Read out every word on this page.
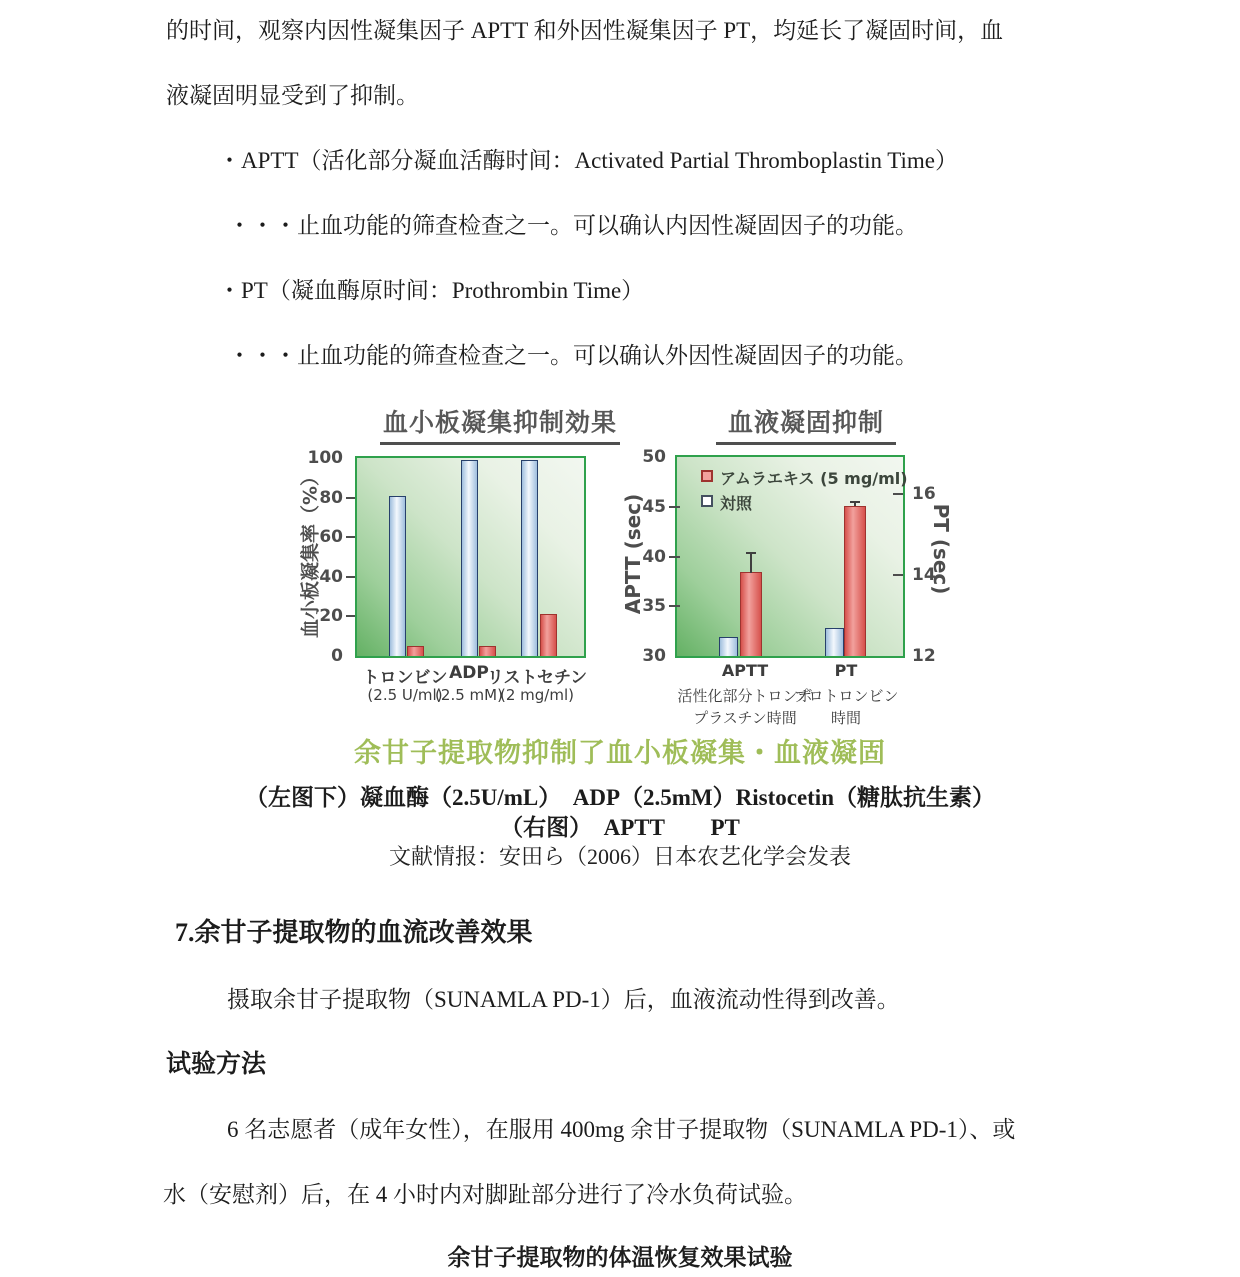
的时间，观察内因性凝集因子 APTT 和外因性凝集因子 PT，均延长了凝固时间，血
液凝固明显受到了抑制。
・APTT（活化部分凝血活酶时间：Activated Partial Thromboplastin Time）
・・・止血功能的筛查检查之一。可以确认内因性凝固因子的功能。
・PT（凝血酶原时间：Prothrombin Time）
・・・止血功能的筛查检查之一。可以确认外因性凝固因子的功能。
血小板凝集抑制効果
0
20
40
60
80
100
血小板凝集率（%）
トロンビン
(2.5 U/ml)
ADP
(2.5 mM)
リストセチン
(2 mg/ml)
血液凝固抑制
30
35
40
45
50
12
14
16
APTT (sec)	PT (sec)
アムラエキス (5 mg/ml)
対照
APTT
活性化部分トロンボ
プラスチン時間
PT
プロトロンビン
時間
余甘子提取物抑制了血小板凝集・血液凝固
（左图下）凝血酶（2.5U/mL）  ADP（2.5mM）Ristocetin（糖肽抗生素）
（右图）　APTT　　PT
文献情报：安田ら（2006）日本农艺化学会发表
7.余甘子提取物的血流改善效果
摄取余甘子提取物（SUNAMLA PD-1）后，血液流动性得到改善。
试验方法
6 名志愿者（成年女性），在服用 400mg 余甘子提取物（SUNAMLA PD-1）、或
水（安慰剂）后，在 4 小时内对脚趾部分进行了冷水负荷试验。
余甘子提取物的体温恢复效果试验
